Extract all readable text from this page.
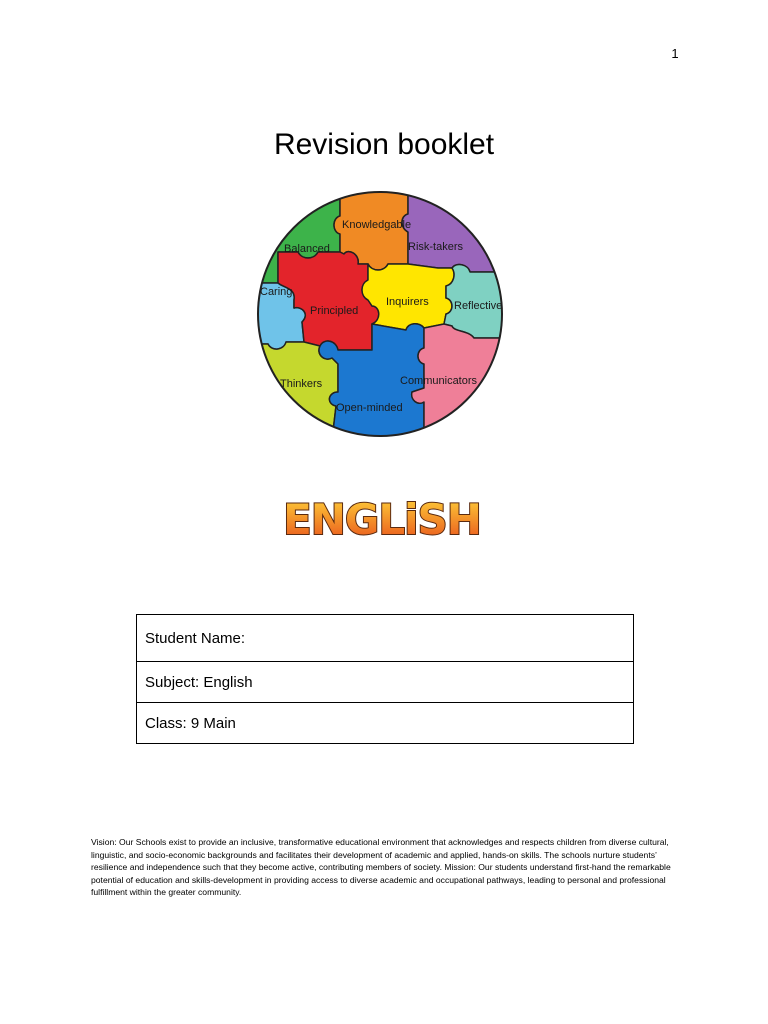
1
Revision booklet
Knowledgable
Balanced	Risk-takers
Caring
Inquirers Reflective
Principled
Thinkers	Communicators
Open-minded
ENGLiSH
Student Name:
Subject: English
Class: 9 Main
Vision: Our Schools exist to provide an inclusive, transformative educational environment that acknowledges and respects children from diverse cultural, linguistic, and socio-economic backgrounds and facilitates their development of academic and applied, hands-on skills. The schools nurture students’ resilience and independence such that they become active, contributing members of society. Mission: Our students understand first-hand the remarkable potential of education and skills-development in providing access to diverse academic and occupational pathways, leading to personal and professional fulfillment within the greater community.
